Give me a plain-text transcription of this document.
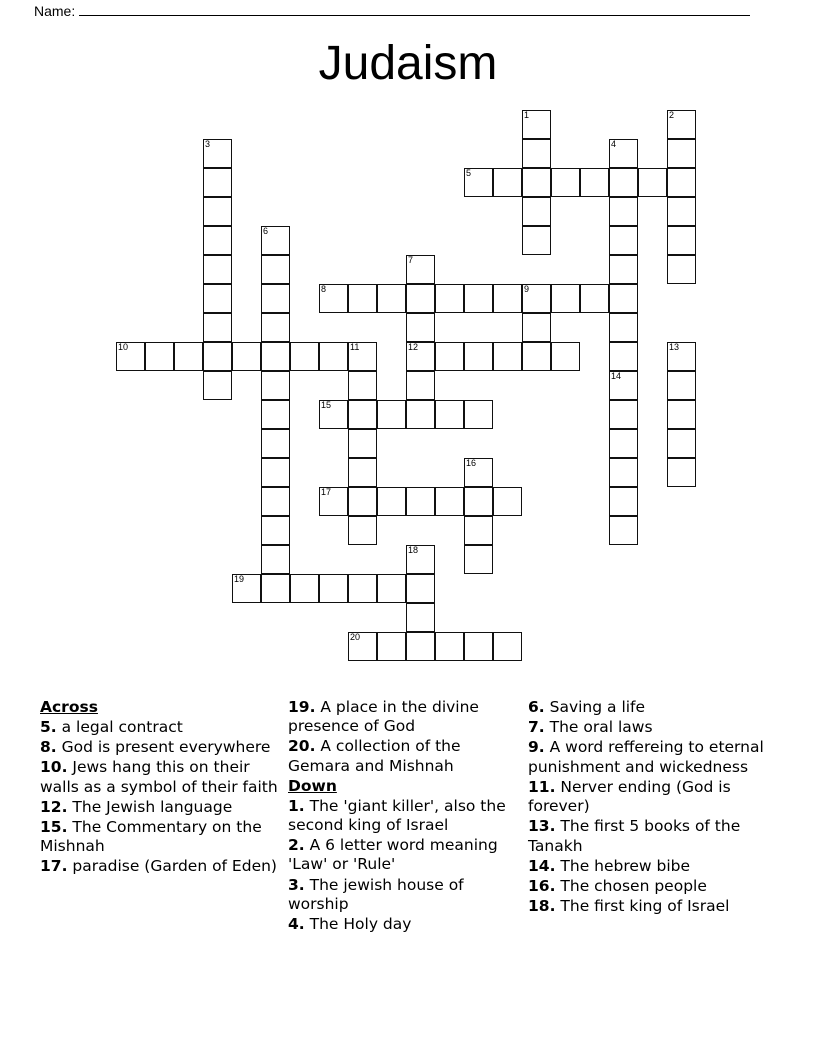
Name:
Judaism
1	2
3	4
5
6
7
12
8	9
10	11	13
14
15
16
17
18
19
20
Across
5. a legal contract
8. God is present everywhere
10. Jews hang this on their walls as a symbol of their faith
12. The Jewish language
15. The Commentary on the Mishnah
17. paradise (Garden of Eden)
19. A place in the divine presence of God
20. A collection of the Gemara and Mishnah
Down
1. The 'giant killer', also the second king of Israel
2. A 6 letter word meaning 'Law' or 'Rule'
3. The jewish house of worship
4. The Holy day
6. Saving a life
7. The oral laws
9. A word reffereing to eternal punishment and wickedness
11. Nerver ending (God is forever)
13. The first 5 books of the Tanakh
14. The hebrew bibe
16. The chosen people
18. The first king of Israel
